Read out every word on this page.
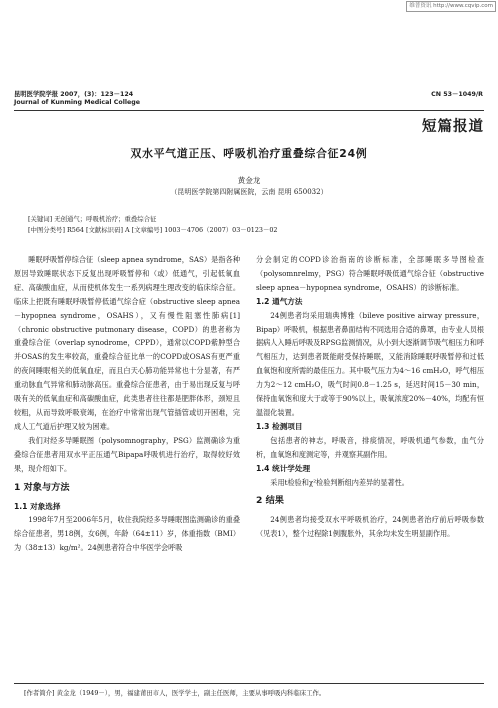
维普资讯 http://www.cqvip.com
昆明医学院学报 2007，(3)：123－124
Journal of Kunming Medical College
CN 53－1049/R
短篇报道
双水平气道正压、呼吸机治疗重叠综合征24例
黄金龙
（昆明医学院第四附属医院，云南 昆明 650032）
[关键词] 无创通气；呼吸机治疗；重叠综合征
[中图分类号] R564 [文献标识码] A [文章编号] 1003－4706（2007）03－0123－02

睡眠呼吸暂停综合征（sleep apnea syndrome，SAS）是指各种原因导致睡眠状态下反复出现呼吸暂停和（或）低通气，引起低氧血症、高碳酸血症，从而使机体发生一系列病理生理改变的临床综合征。临床上把既有睡眠呼吸暂停低通气综合症（obstructive sleep apnea－hypopnea syndrome，OSAHS），又有慢性阻塞性肺病[1]（chronic obstructive putmonary disease，COPD）的患者称为重叠综合征（overlap synodrome，CPPD），通常以COPD紫肿型合并OSAS的发生率较高，重叠综合征比单一的COPD或OSAS有更严重的夜间睡眠相关的低氧血症，而且白天心肺功能异常也十分显著，有严重动脉血气异常和肺动脉高压。重叠综合征患者，由于易出现反复与呼吸有关的低氧血症和高碳酸血症，此类患者往往都是肥胖体形，颈短且较粗，从而导致呼吸衰竭，在治疗中常常出现气管插管或切开困难，完成人工气道后护理又较为困难。

我们对经多导睡眠图（polysomnography，PSG）监测确诊为重叠综合征患者用双水平正压通气Bipapa呼吸机进行治疗，取得较好效果，现介绍如下。

1 对象与方法
1.1 对象选择

1998年7月至2006年5月，收住我院经多导睡眠图监测确诊的重叠综合征患者，男18例，女6例，年龄（64±11）岁，体重指数（BMI）为（38±13）kg/m²。24例患者符合中华医学会呼吸

分会制定的COPD诊治指南的诊断标准，全部睡眠多导图检查（polysomnrelmy，PSG）符合睡眠呼吸低通气综合征（obstructive sleep apnea－hypopnea syndrome，OSAHS）的诊断标准。

1.2 通气方法

24例患者均采用瑞典博雅（bileve positive airway pressure，Bipap）呼吸机，根据患者鼻面结构不同选用合适的鼻罩，由专业人员根据病人入睡后呼吸及RPSG监测情况，从小到大逐渐调节吸气相压力和呼气相压力，达到患者既能耐受保持睡眠，又能消除睡眠呼吸暂停和过低血氧饱和度所需的最佳压力。其中吸气压力为4～16 cmH₂O，呼气相压力为2～12 cmH₂O，吸气时间0.8－1.25 s，延迟时间15－30 min，保持血氧饱和度大于或等于90%以上，吸氧浓度20%－40%，均配有恒温湿化装置。

1.3 检测项目

包括患者的神志，呼吸音，排痰情况，呼吸机通气参数，血气分析，血氧饱和度测定等，并观察其副作用。

1.4 统计学处理

采用t检验和χ²检验判断组内差异的显著性。

2 结果

24例患者均接受双水平呼吸机治疗，24例患者治疗前后呼吸参数（见表1），整个过程除1例腹胀外，其余均未发生明显副作用。

[作者简介] 黄金龙（1949－），男，福建莆田市人，医学学士，副主任医师，主要从事呼吸内科临床工作。
